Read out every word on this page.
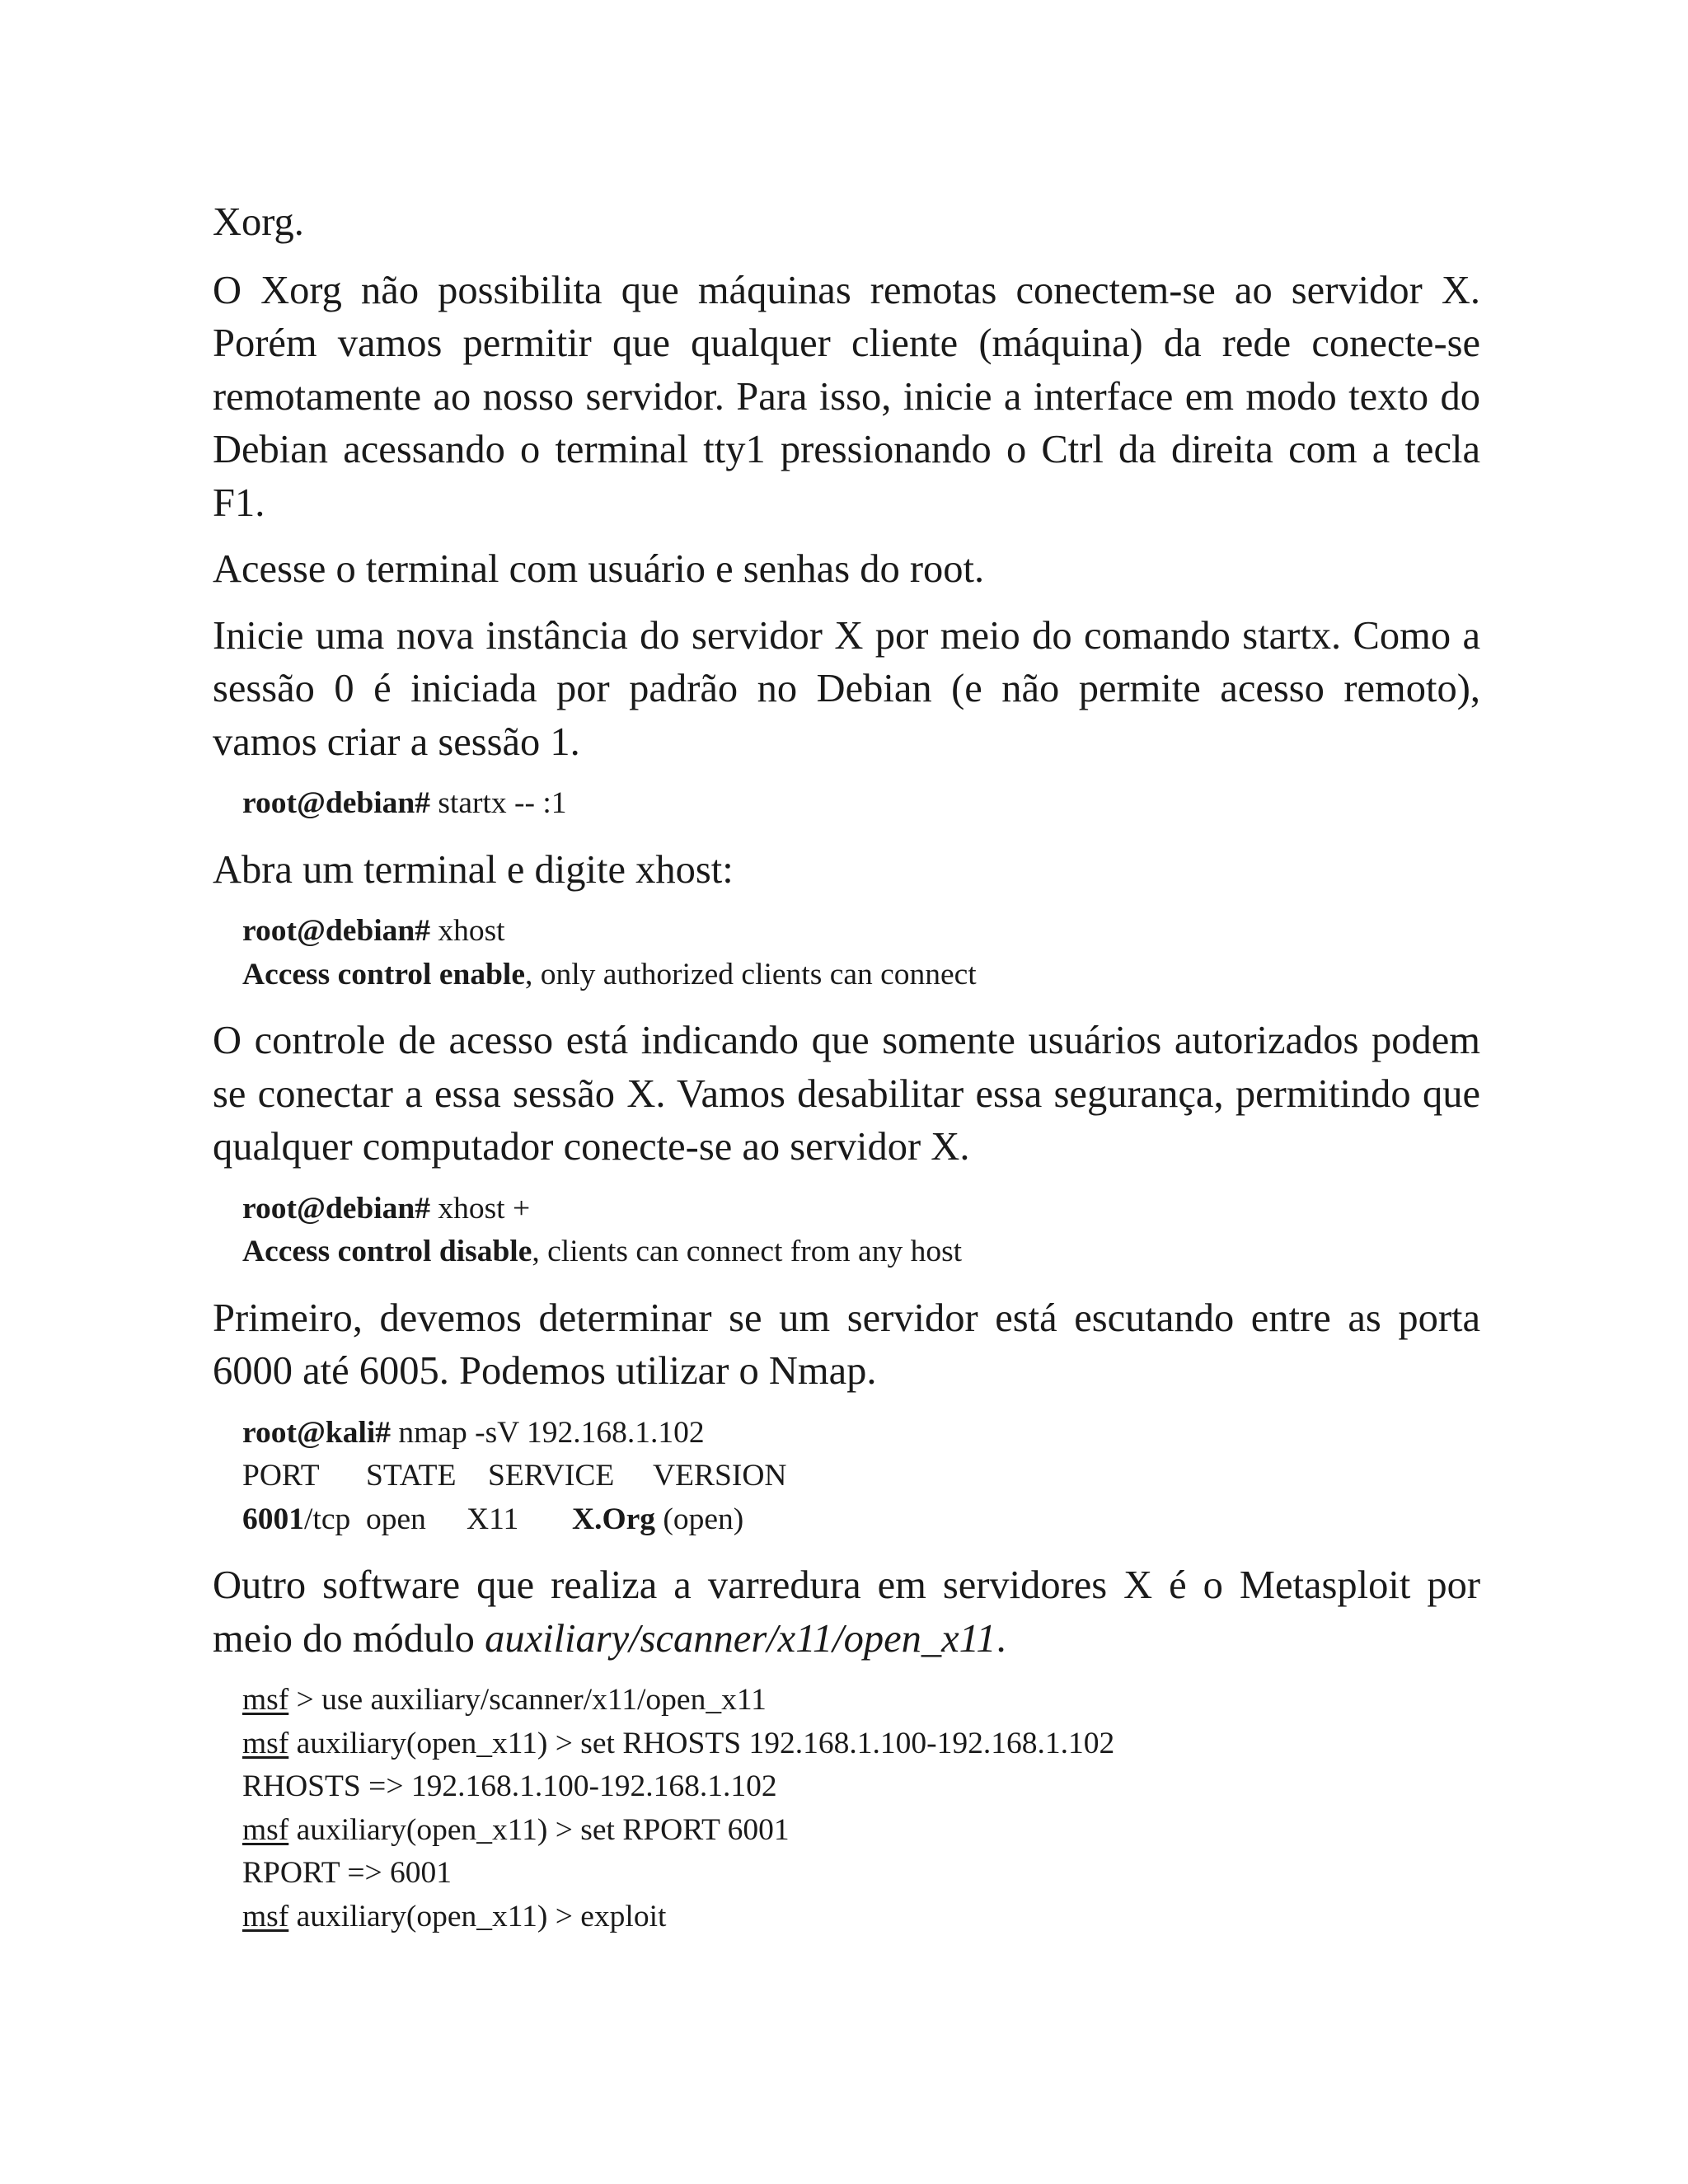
Xorg.

O Xorg não possibilita que máquinas remotas conectem-se ao servidor X. Porém vamos permitir que qualquer cliente (máquina) da rede conecte-se remotamente ao nosso servidor. Para isso, inicie a interface em modo texto do Debian acessando o terminal tty1 pressionando o Ctrl da direita com a tecla F1.

Acesse o terminal com usuário e senhas do root.

Inicie uma nova instância do servidor X por meio do comando startx. Como a sessão 0 é iniciada por padrão no Debian (e não permite acesso remoto), vamos criar a sessão 1.

root@debian# startx -- :1

Abra um terminal e digite xhost:

root@debian# xhost
Access control enable, only authorized clients can connect

O controle de acesso está indicando que somente usuários autorizados podem se conectar a essa sessão X. Vamos desabilitar essa segurança, permitindo que qualquer computador conecte-se ao servidor X.

root@debian# xhost +
Access control disable, clients can connect from any host

Primeiro, devemos determinar se um servidor está escutando entre as porta 6000 até 6005. Podemos utilizar o Nmap.

root@kali# nmap -sV 192.168.1.102
PORT STATE SERVICE VERSION
6001/tcp open X11 X.Org (open)

Outro software que realiza a varredura em servidores X é o Metasploit por meio do módulo auxiliary/scanner/x11/open_x11.

msf > use auxiliary/scanner/x11/open_x11
msf auxiliary(open_x11) > set RHOSTS 192.168.1.100-192.168.1.102
RHOSTS => 192.168.1.100-192.168.1.102
msf auxiliary(open_x11) > set RPORT 6001
RPORT => 6001
msf auxiliary(open_x11) > exploit
